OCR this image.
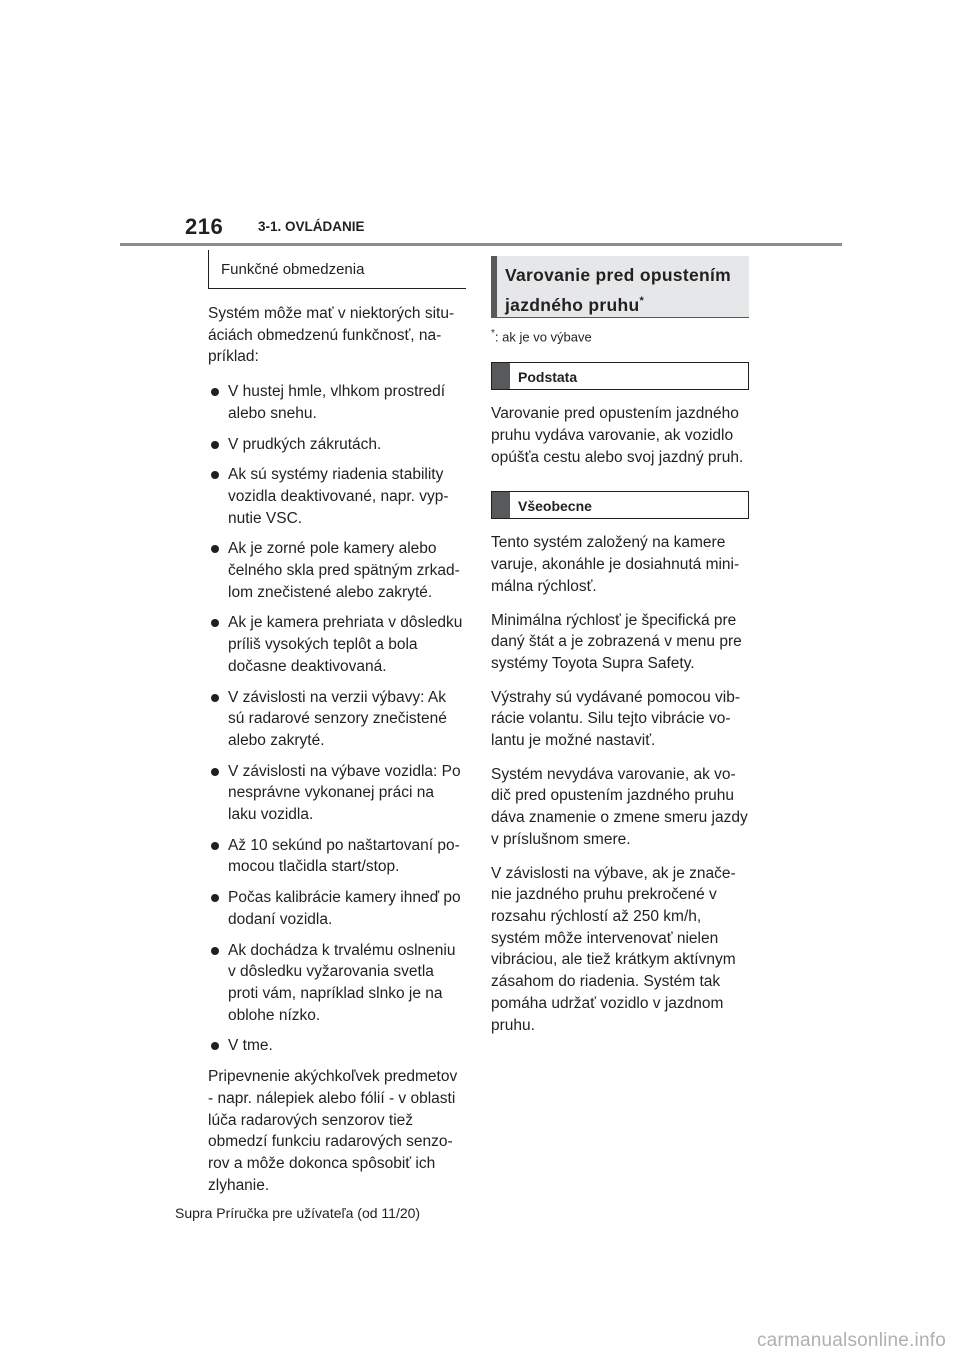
216	3-1. OVLÁDANIE
Funkčné obmedzenia

Systém môže mať v niektorých situáciách obmedzenú funkčnosť, napríklad:

V hustej hmle, vlhkom prostredí alebo snehu.
V prudkých zákrutách.
Ak sú systémy riadenia stability vozidla deaktivované, napr. vypnutie VSC.
Ak je zorné pole kamery alebo čelného skla pred spätným zrkadlom znečistené alebo zakryté.
Ak je kamera prehriata v dôsledku príliš vysokých teplôt a bola dočasne deaktivovaná.
V závislosti na verzii výbavy: Ak sú radarové senzory znečistené alebo zakryté.
V závislosti na výbave vozidla: Po nesprávne vykonanej práci na laku vozidla.
Až 10 sekúnd po naštartovaní pomocou tlačidla start/stop.
Počas kalibrácie kamery ihneď po dodaní vozidla.
Ak dochádza k trvalému oslneniu v dôsledku vyžarovania svetla proti vám, napríklad slnko je na oblohe nízko.
V tme.

Pripevnenie akýchkoľvek predmetov - napr. nálepiek alebo fólií - v oblasti lúča radarových senzorov tiež obmedzí funkciu radarových senzorov a môže dokonca spôsobiť ich zlyhanie.

Varovanie pred opustením
jazdného pruhu*
*: ak je vo výbave
Podstata

Varovanie pred opustením jazdného pruhu vydáva varovanie, ak vozidlo opúšťa cestu alebo svoj jazdný pruh.

Všeobecne

Tento systém založený na kamere varuje, akonáhle je dosiahnutá minimálna rýchlosť.

Minimálna rýchlosť je špecifická pre daný štát a je zobrazená v menu pre systémy Toyota Supra Safety.

Výstrahy sú vydávané pomocou vibrácie volantu. Silu tejto vibrácie volantu je možné nastaviť.

Systém nevydáva varovanie, ak vodič pred opustením jazdného pruhu dáva znamenie o zmene smeru jazdy v príslušnom smere.

V závislosti na výbave, ak je značenie jazdného pruhu prekročené v rozsahu rýchlostí až 250 km/h, systém môže intervenovať nielen vibráciou, ale tiež krátkym aktívnym zásahom do riadenia. Systém tak pomáha udržať vozidlo v jazdnom pruhu.

Supra Príručka pre užívateľa (od 11/20)
carmanualsonline.info
